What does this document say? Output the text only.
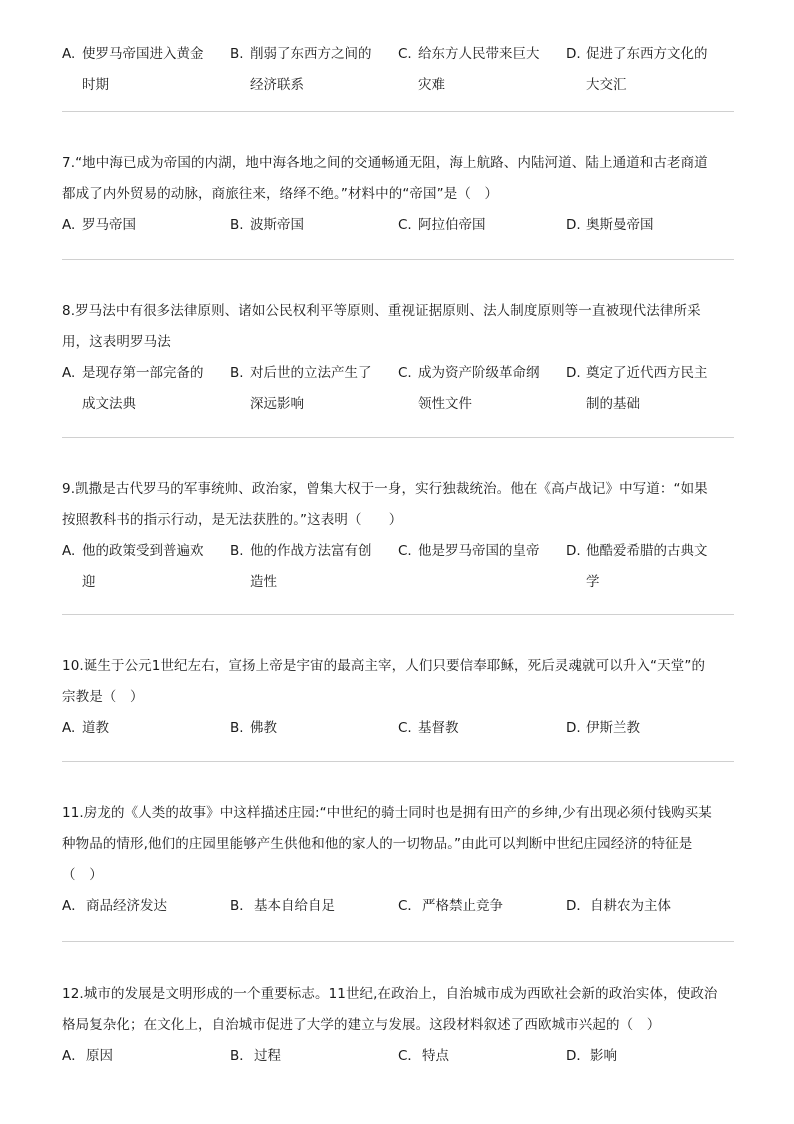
A. 使罗马帝国进入黄金
时期
B. 削弱了东西方之间的
经济联系
C. 给东方人民带来巨大
灾难
D. 促进了东西方文化的
大交汇

7.“地中海已成为帝国的内湖，地中海各地之间的交通畅通无阻，海上航路、内陆河道、陆上通道和古老商道

都成了内外贸易的动脉，商旅往来，络绎不绝。”材料中的“帝国”是（　）

A. 罗马帝国	B. 波斯帝国	C. 阿拉伯帝国	D. 奥斯曼帝国

8.罗马法中有很多法律原则、诸如公民权利平等原则、重视证据原则、法人制度原则等一直被现代法律所采

用，这表明罗马法

A. 是现存第一部完备的
成文法典
B. 对后世的立法产生了
深远影响
C. 成为资产阶级革命纲
领性文件
D. 奠定了近代西方民主
制的基础

9.凯撒是古代罗马的军事统帅、政治家，曾集大权于一身，实行独裁统治。他在《高卢战记》中写道：“如果

按照教科书的指示行动，是无法获胜的。”这表明（　　）

A. 他的政策受到普遍欢
迎
B. 他的作战方法富有创
造性
C. 他是罗马帝国的皇帝	D. 他酷爱希腊的古典文
学

10.诞生于公元1世纪左右，宣扬上帝是宇宙的最高主宰，人们只要信奉耶稣，死后灵魂就可以升入“天堂”的

宗教是（　）

A. 道教	B. 佛教	C. 基督教	D. 伊斯兰教

11.房龙的《人类的故事》中这样描述庄园:“中世纪的骑士同时也是拥有田产的乡绅,少有出现必须付钱购买某

种物品的情形,他们的庄园里能够产生供他和他的家人的一切物品。”由此可以判断中世纪庄园经济的特征是

（　）

A． 商品经济发达	B． 基本自给自足	C． 严格禁止竞争	D． 自耕农为主体

12.城市的发展是文明形成的一个重要标志。11世纪,在政治上，自治城市成为西欧社会新的政治实体，使政治

格局复杂化；在文化上，自治城市促进了大学的建立与发展。这段材料叙述了西欧城市兴起的（　）

A． 原因	B． 过程	C． 特点	D． 影响
